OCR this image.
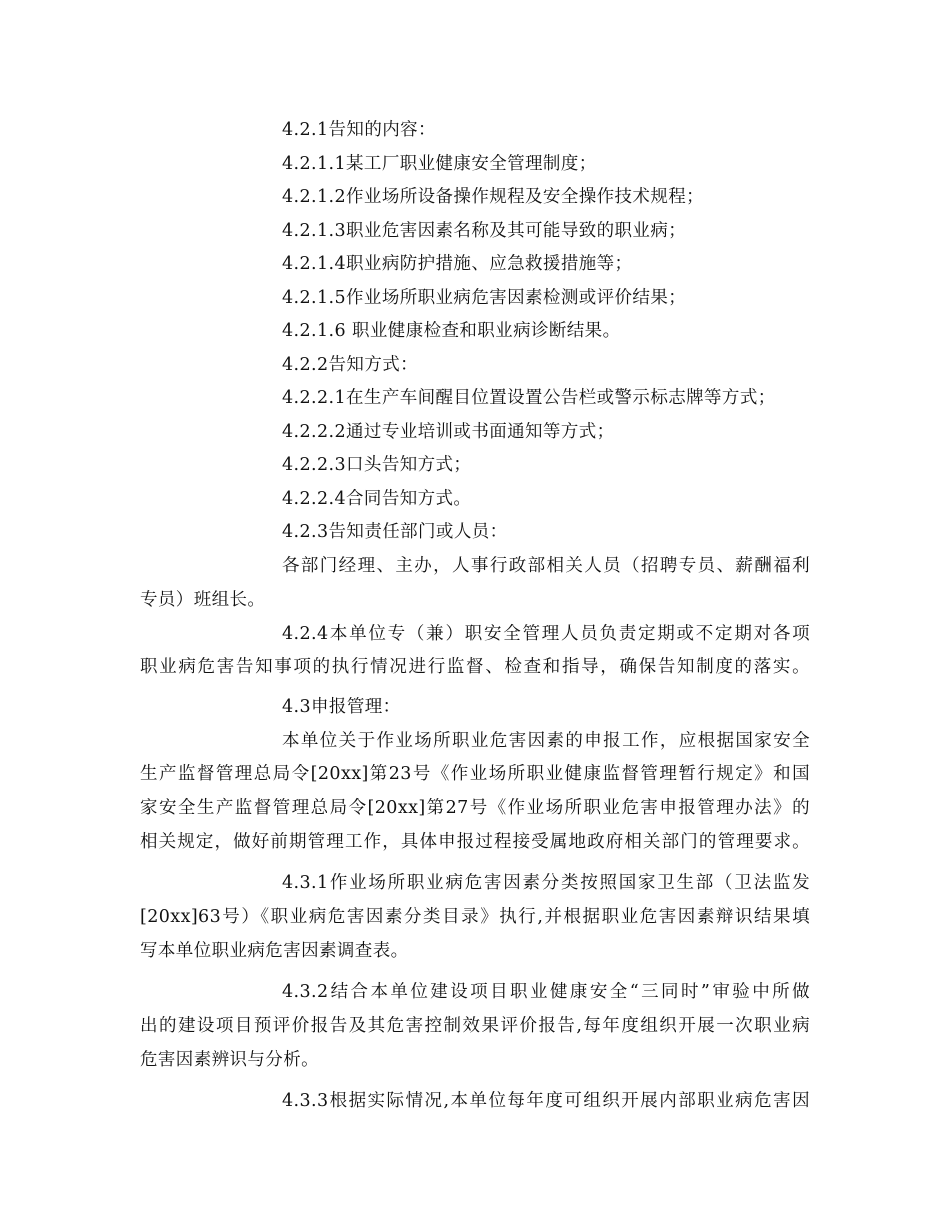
4.2.1告知的内容：
4.2.1.1某工厂职业健康安全管理制度；
4.2.1.2作业场所设备操作规程及安全操作技术规程；
4.2.1.3职业危害因素名称及其可能导致的职业病；
4.2.1.4职业病防护措施、应急救援措施等；
4.2.1.5作业场所职业病危害因素检测或评价结果；
4.2.1.6 职业健康检查和职业病诊断结果。
4.2.2告知方式：
4.2.2.1在生产车间醒目位置设置公告栏或警示标志牌等方式；
4.2.2.2通过专业培训或书面通知等方式；
4.2.2.3口头告知方式；
4.2.2.4合同告知方式。
4.2.3告知责任部门或人员：
各部门经理、主办，人事行政部相关人员（招聘专员、薪酬福利
专员）班组长。
4.2.4本单位专（兼）职安全管理人员负责定期或不定期对各项
职业病危害告知事项的执行情况进行监督、检查和指导，确保告知制度的落实。
4.3申报管理：
本单位关于作业场所职业危害因素的申报工作，应根据国家安全
生产监督管理总局令[20xx]第23号《作业场所职业健康监督管理暂行规定》和国
家安全生产监督管理总局令[20xx]第27号《作业场所职业危害申报管理办法》的
相关规定，做好前期管理工作，具体申报过程接受属地政府相关部门的管理要求。
4.3.1作业场所职业病危害因素分类按照国家卫生部（卫法监发
[20xx]63号）《职业病危害因素分类目录》执行,并根据职业危害因素辩识结果填
写本单位职业病危害因素调查表。
4.3.2结合本单位建设项目职业健康安全“三同时”审验中所做
出的建设项目预评价报告及其危害控制效果评价报告,每年度组织开展一次职业病
危害因素辨识与分析。
4.3.3根据实际情况,本单位每年度可组织开展内部职业病危害因
